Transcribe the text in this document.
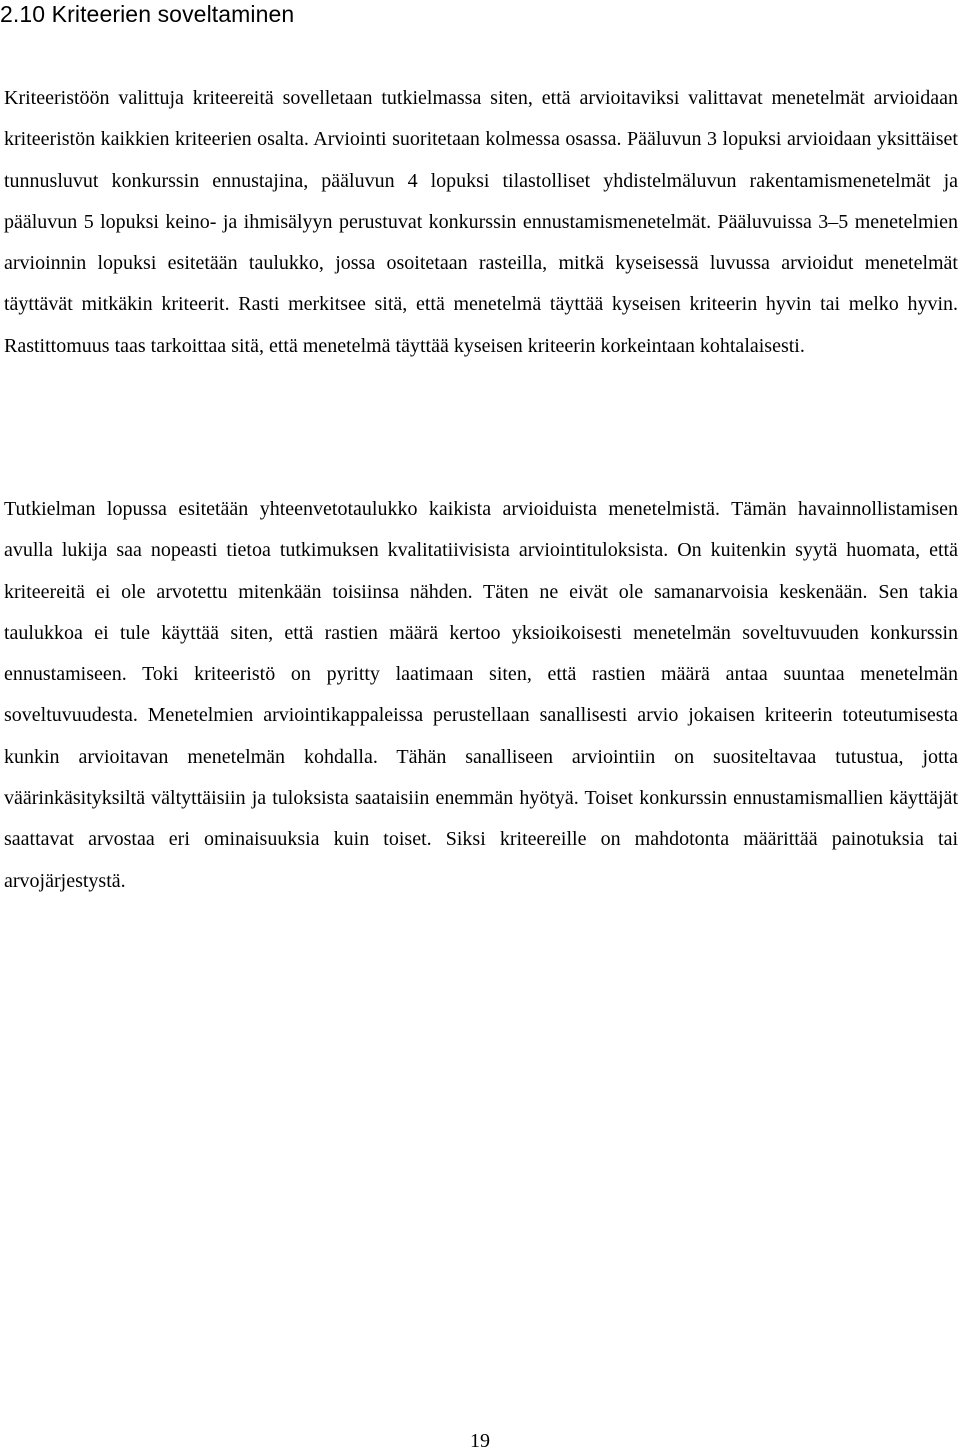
2.10 Kriteerien soveltaminen

Kriteeristöön valittuja kriteereitä sovelletaan tutkielmassa siten, että arvioitaviksi valittavat menetelmät arvioidaan kriteeristön kaikkien kriteerien osalta. Arviointi suoritetaan kolmessa osassa. Pääluvun 3 lopuksi arvioidaan yksittäiset tunnusluvut konkurssin ennustajina, pääluvun 4 lopuksi tilastolliset yhdistelmäluvun rakentamismenetelmät ja pääluvun 5 lopuksi keino- ja ihmisälyyn perustuvat konkurssin ennustamismenetelmät. Pääluvuissa 3–5 menetelmien arvioinnin lopuksi esitetään taulukko, jossa osoitetaan rasteilla, mitkä kyseisessä luvussa arvioidut menetelmät täyttävät mitkäkin kriteerit. Rasti merkitsee sitä, että menetelmä täyttää kyseisen kriteerin hyvin tai melko hyvin. Rastittomuus taas tarkoittaa sitä, että menetelmä täyttää kyseisen kriteerin korkeintaan kohtalaisesti.

Tutkielman lopussa esitetään yhteenvetotaulukko kaikista arvioiduista menetelmistä. Tämän havainnollistamisen avulla lukija saa nopeasti tietoa tutkimuksen kvalitatiivisista arviointituloksista. On kuitenkin syytä huomata, että kriteereitä ei ole arvotettu mitenkään toisiinsa nähden. Täten ne eivät ole samanarvoisia keskenään. Sen takia taulukkoa ei tule käyttää siten, että rastien määrä kertoo yksioikoisesti menetelmän soveltuvuuden konkurssin ennustamiseen. Toki kriteeristö on pyritty laatimaan siten, että rastien määrä antaa suuntaa menetelmän soveltuvuudesta. Menetelmien arviointikappaleissa perustellaan sanallisesti arvio jokaisen kriteerin toteutumisesta kunkin arvioitavan menetelmän kohdalla. Tähän sanalliseen arviointiin on suositeltavaa tutustua, jotta väärinkäsityksiltä vältyttäisiin ja tuloksista saataisiin enemmän hyötyä. Toiset konkurssin ennustamismallien käyttäjät saattavat arvostaa eri ominaisuuksia kuin toiset. Siksi kriteereille on mahdotonta määrittää painotuksia tai arvojärjestystä.

19
